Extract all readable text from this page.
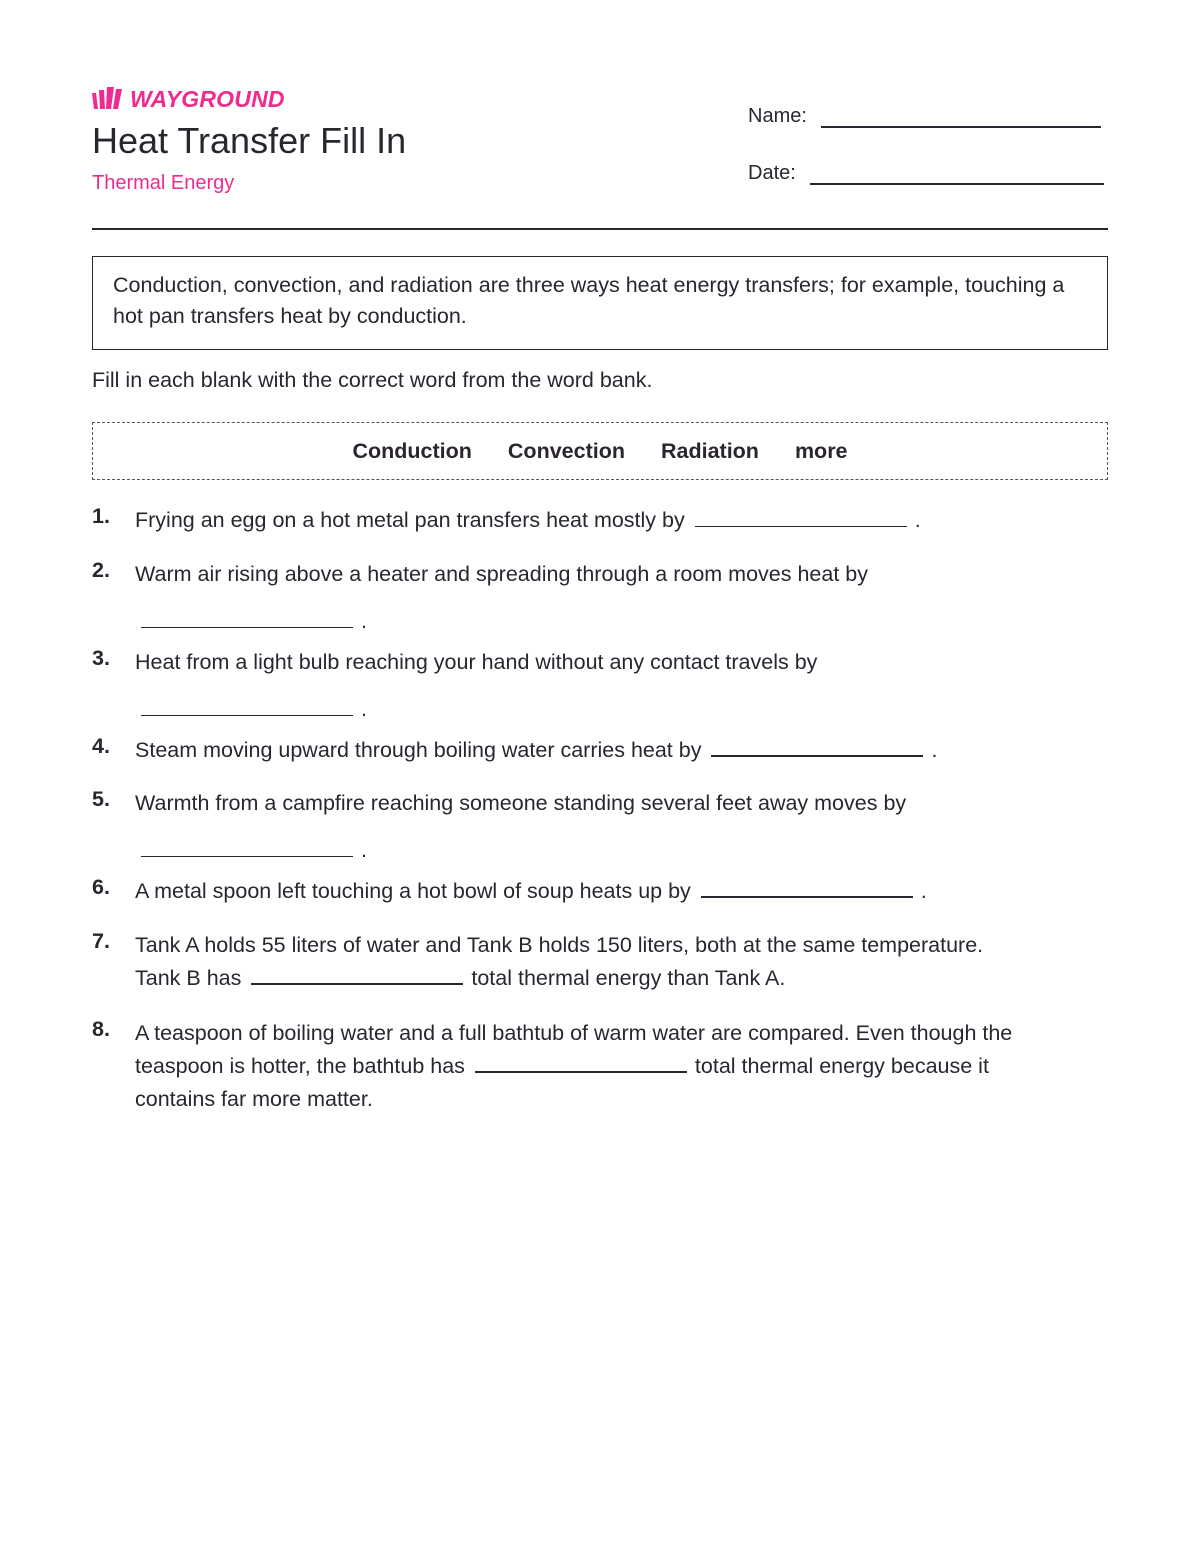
WAYGROUND
Heat Transfer Fill In
Thermal Energy
Name:
Date:
Conduction, convection, and radiation are three ways heat energy transfers; for example, touching a hot pan transfers heat by conduction.
Fill in each blank with the correct word from the word bank.
Conduction Convection Radiation more
1. Frying an egg on a hot metal pan transfers heat mostly by	.
2. Warm air rising above a heater and spreading through a room moves heat by
.
3. Heat from a light bulb reaching your hand without any contact travels by
.
4. Steam moving upward through boiling water carries heat by	.
5. Warmth from a campfire reaching someone standing several feet away moves by
.
6. A metal spoon left touching a hot bowl of soup heats up by	.
7. Tank A holds 55 liters of water and Tank B holds 150 liters, both at the same temperature. Tank B has	total thermal energy than Tank A.
8. A teaspoon of boiling water and a full bathtub of warm water are compared. Even though the teaspoon is hotter, the bathtub has	total thermal energy because it contains far more matter.
